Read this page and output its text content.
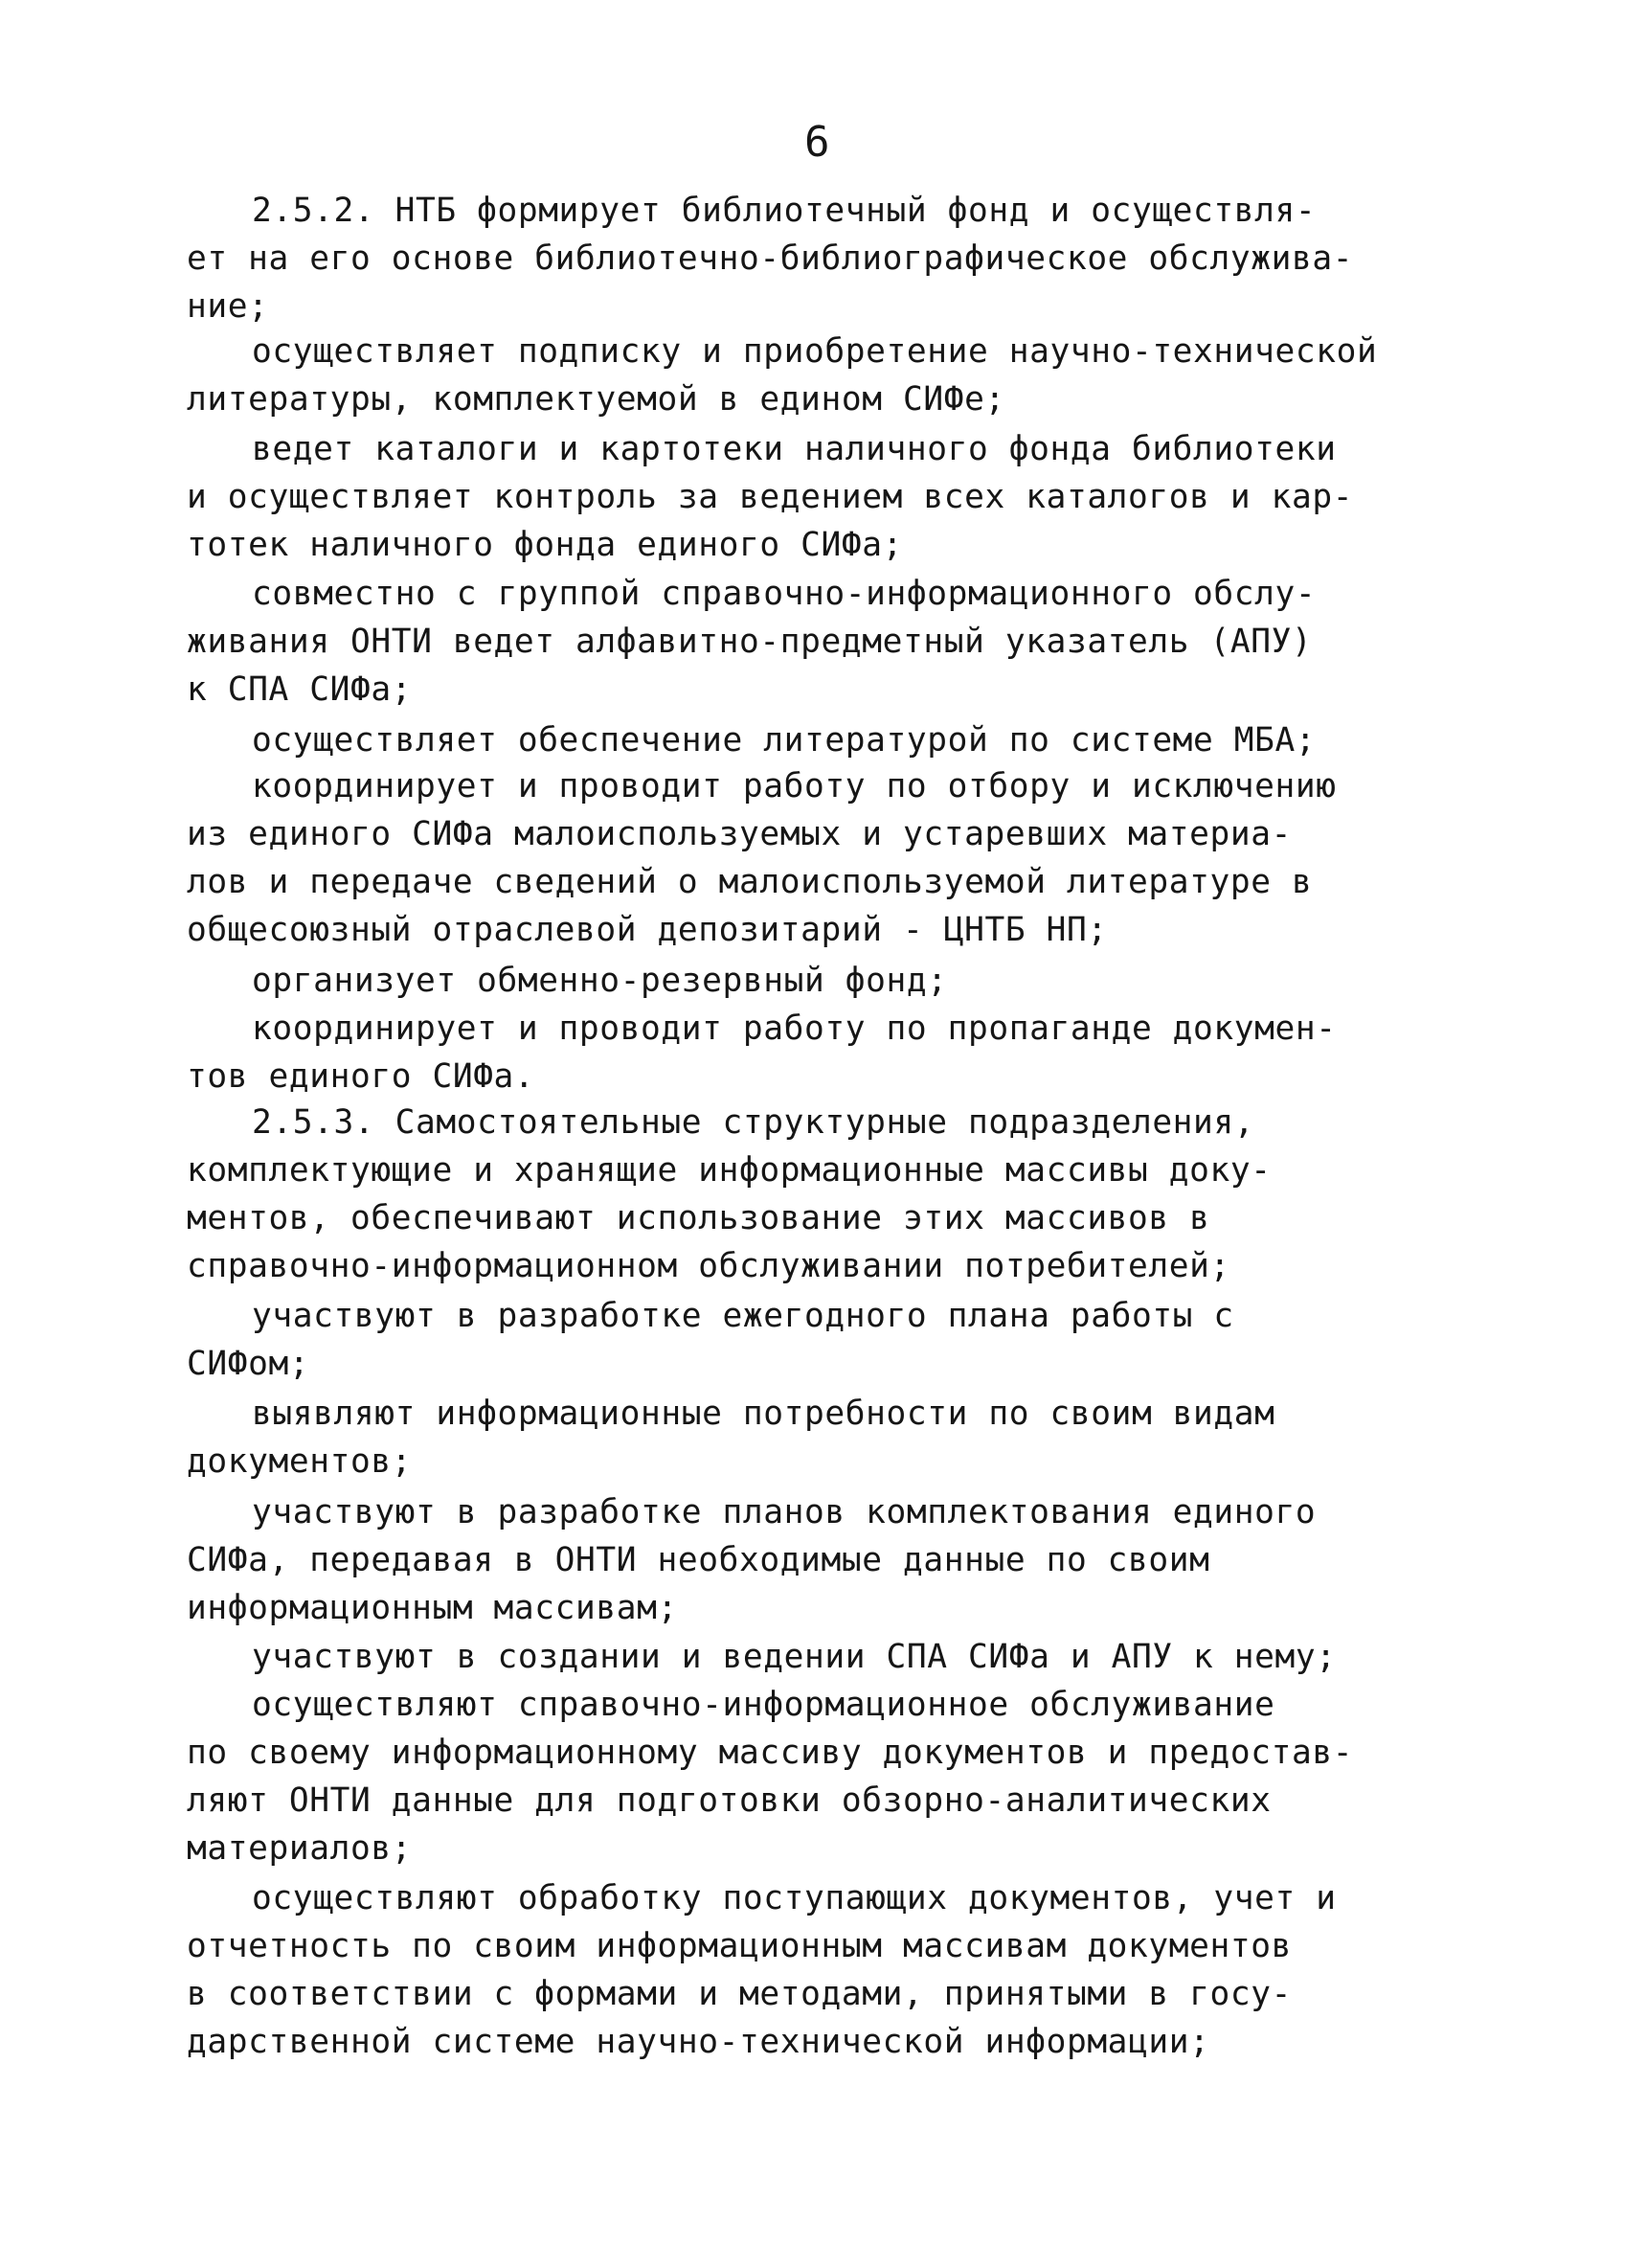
6
2.5.2. НТБ формирует библиотечный фонд и осуществля-
ет на его основе библиотечно-библиографическое обслужива-
ние;
осуществляет подписку и приобретение научно-технической
литературы, комплектуемой в едином СИФе;
ведет каталоги и картотеки наличного фонда библиотеки
и осуществляет контроль за ведением всех каталогов и кар-
тотек наличного фонда единого СИФа;
совместно с группой справочно-информационного обслу-
живания ОНТИ ведет алфавитно-предметный указатель (АПУ)
к СПА СИФа;
осуществляет обеспечение литературой по системе МБА;
координирует и проводит работу по отбору и исключению
из единого СИФа малоиспользуемых и устаревших материа-
лов и передаче сведений о малоиспользуемой литературе в
общесоюзный отраслевой депозитарий - ЦНТБ НП;
организует обменно-резервный фонд;
координирует и проводит работу по пропаганде докумен-
тов единого СИФа.
2.5.3. Самостоятельные структурные подразделения,
комплектующие и хранящие информационные массивы доку-
ментов, обеспечивают использование этих массивов в
справочно-информационном обслуживании потребителей;
участвуют в разработке ежегодного плана работы с
СИФом;
выявляют информационные потребности по своим видам
документов;
участвуют в разработке планов комплектования единого
СИФа, передавая в ОНТИ необходимые данные по своим
информационным массивам;
участвуют в создании и ведении СПА СИФа и АПУ к нему;
осуществляют справочно-информационное обслуживание
по своему информационному массиву документов и предостав-
ляют ОНТИ данные для подготовки обзорно-аналитических
материалов;
осуществляют обработку поступающих документов, учет и
отчетность по своим информационным массивам документов
в соответствии с формами и методами, принятыми в госу-
дарственной системе научно-технической информации;
